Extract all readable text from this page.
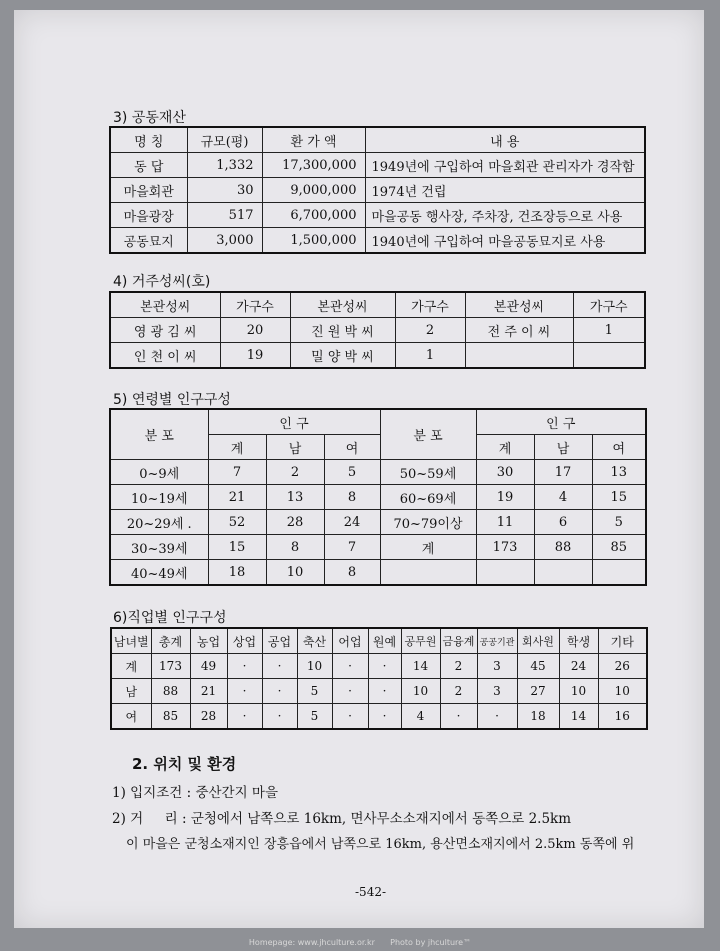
3) 공동재산
명 칭	규모(평)	환 가 액	내 용
동 답	1,332	17,300,000	1949년에 구입하여 마을회관 관리자가 경작함
마을회관	30	9,000,000	1974년 건립
마을광장	517	6,700,000	마을공동 행사장, 주차장, 건조장등으로 사용
공동묘지	3,000	1,500,000	1940년에 구입하여 마을공동묘지로 사용
4) 거주성씨(호)
본관성씨	가구수	본관성씨	가구수	본관성씨	가구수
영 광 김 씨	20	진 원 박 씨	2	전 주 이 씨	1
인 천 이 씨	19	밀 양 박 씨	1		
5) 연령별 인구구성
분 포	인 구			분 포	인 구		
	계	남	여		계	남	여
0~9세	7	2	5	50~59세	30	17	13
10~19세	21	13	8	60~69세	19	4	15
20~29세 .	52	28	24	70~79이상	11	6	5
30~39세	15	8	7	계	173	88	85
40~49세	18	10	8				
6)직업별 인구구성
남녀별	총계	농업	상업	공업	축산	어업	원예	공무원	금융계	공공기관	회사원	학생	기타
계	173	49	·	·	10	·	·	14	2	3	45	24	26
남	88	21	·	·	5	·	·	10	2	3	27	10	10
여	85	28	·	·	5	·	·	4	·	·	18	14	16
2. 위치 및 환경
1) 입지조건 : 중산간지 마을
2) 거     리 : 군청에서 남쪽으로 16km, 면사무소소재지에서 동쪽으로 2.5km
이 마을은 군청소재지인 장흥읍에서 남쪽으로 16km, 용산면소재지에서 2.5km 동쪽에 위
-542-
Homepage: www.jhculture.or.kr      Photo by jhculture™
